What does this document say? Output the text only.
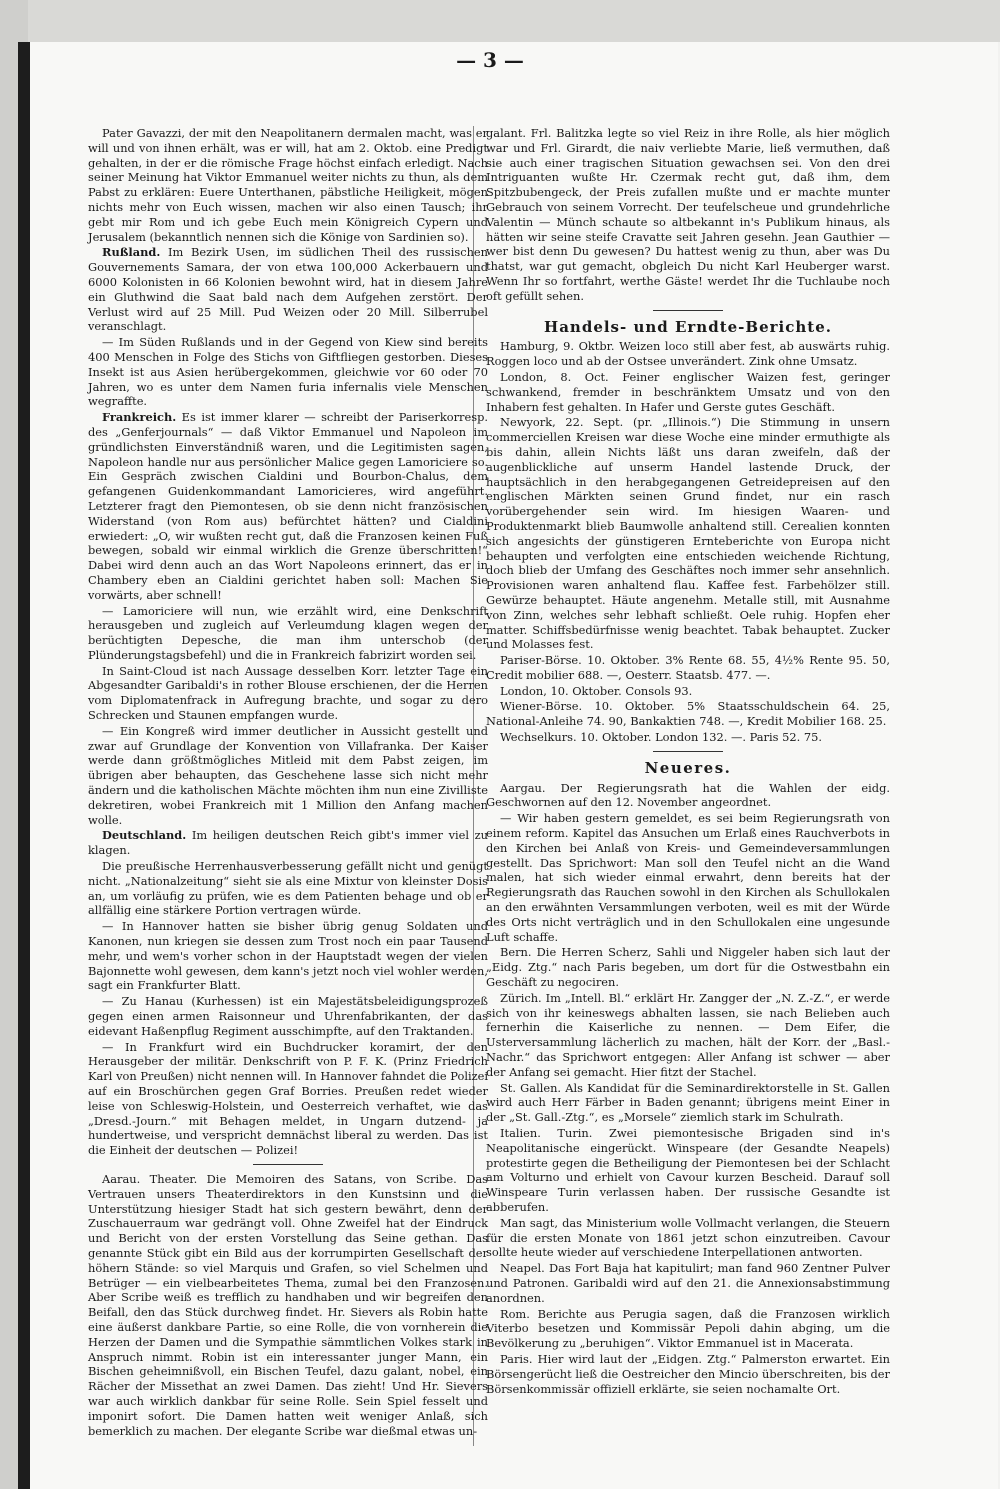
— 3 —

Pater Gavazzi, der mit den Neapolitanern dermalen macht, was er will und von ihnen erhält, was er will, hat am 2. Oktob. eine Predigt gehalten, in der er die römische Frage höchst einfach erledigt. Nach seiner Meinung hat Viktor Emmanuel weiter nichts zu thun, als dem Pabst zu erklären: Euere Unterthanen, päbstliche Heiligkeit, mögen nichts mehr von Euch wissen, machen wir also einen Tausch; ihr gebt mir Rom und ich gebe Euch mein Königreich Cypern und Jerusalem (bekanntlich nennen sich die Könige von Sardinien so).

Rußland. Im Bezirk Usen, im südlichen Theil des russischen Gouvernements Samara, der von etwa 100,000 Ackerbauern und 6000 Kolonisten in 66 Kolonien bewohnt wird, hat in diesem Jahre ein Gluthwind die Saat bald nach dem Aufgehen zerstört. Der Verlust wird auf 25 Mill. Pud Weizen oder 20 Mill. Silberrubel veranschlagt.

— Im Süden Rußlands und in der Gegend von Kiew sind bereits 400 Menschen in Folge des Stichs von Giftfliegen gestorben. Dieses Insekt ist aus Asien herübergekommen, gleichwie vor 60 oder 70 Jahren, wo es unter dem Namen furia infernalis viele Menschen wegraffte.

Frankreich. Es ist immer klarer — schreibt der Pariserkorresp. des „Genferjournals“ — daß Viktor Emmanuel und Napoleon im gründlichsten Einverständniß waren, und die Legitimisten sagen, Napoleon handle nur aus persönlicher Malice gegen Lamoriciere so. Ein Gespräch zwischen Cialdini und Bourbon-Chalus, dem gefangenen Guidenkommandant Lamoricieres, wird angeführt. Letzterer fragt den Piemontesen, ob sie denn nicht französischen Widerstand (von Rom aus) befürchtet hätten? und Cialdini erwiedert: „O, wir wußten recht gut, daß die Franzosen keinen Fuß bewegen, sobald wir einmal wirklich die Grenze überschritten!“ Dabei wird denn auch an das Wort Napoleons erinnert, das er in Chambery eben an Cialdini gerichtet haben soll: Machen Sie vorwärts, aber schnell!

— Lamoriciere will nun, wie erzählt wird, eine Denkschrift herausgeben und zugleich auf Verleumdung klagen wegen der berüchtigten Depesche, die man ihm unterschob (der Plünderungstagsbefehl) und die in Frankreich fabrizirt worden sei.

In Saint-Cloud ist nach Aussage desselben Korr. letzter Tage ein Abgesandter Garibaldi's in rother Blouse erschienen, der die Herren vom Diplomatenfrack in Aufregung brachte, und sogar zu dero Schrecken und Staunen empfangen wurde.

— Ein Kongreß wird immer deutlicher in Aussicht gestellt und zwar auf Grundlage der Konvention von Villafranka. Der Kaiser werde dann größtmögliches Mitleid mit dem Pabst zeigen, im übrigen aber behaupten, das Geschehene lasse sich nicht mehr ändern und die katholischen Mächte möchten ihm nun eine Zivilliste dekretiren, wobei Frankreich mit 1 Million den Anfang machen wolle.

Deutschland. Im heiligen deutschen Reich gibt's immer viel zu klagen.

Die preußische Herrenhausverbesserung gefällt nicht und genügt nicht. „Nationalzeitung“ sieht sie als eine Mixtur von kleinster Dosis an, um vorläufig zu prüfen, wie es dem Patienten behage und ob er allfällig eine stärkere Portion vertragen würde.

— In Hannover hatten sie bisher übrig genug Soldaten und Kanonen, nun kriegen sie dessen zum Trost noch ein paar Tausend mehr, und wem's vorher schon in der Hauptstadt wegen der vielen Bajonnette wohl gewesen, dem kann's jetzt noch viel wohler werden, sagt ein Frankfurter Blatt.

— Zu Hanau (Kurhessen) ist ein Majestätsbeleidigungsprozeß gegen einen armen Raisonneur und Uhrenfabrikanten, der das eidevant Haßenpflug Regiment ausschimpfte, auf den Traktanden.

— In Frankfurt wird ein Buchdrucker koramirt, der den Herausgeber der militär. Denkschrift von P. F. K. (Prinz Friedrich Karl von Preußen) nicht nennen will. In Hannover fahndet die Polizei auf ein Broschürchen gegen Graf Borries. Preußen redet wieder leise von Schleswig-Holstein, und Oesterreich verhaftet, wie das „Dresd.-Journ.“ mit Behagen meldet, in Ungarn dutzend- ja hundertweise, und verspricht demnächst liberal zu werden. Das ist die Einheit der deutschen — Polizei!

Aarau. Theater. Die Memoiren des Satans, von Scribe. Das Vertrauen unsers Theaterdirektors in den Kunstsinn und die Unterstützung hiesiger Stadt hat sich gestern bewährt, denn der Zuschauerraum war gedrängt voll. Ohne Zweifel hat der Eindruck und Bericht von der ersten Vorstellung das Seine gethan. Das genannte Stück gibt ein Bild aus der korrumpirten Gesellschaft der höhern Stände: so viel Marquis und Grafen, so viel Schelmen und Betrüger — ein vielbearbeitetes Thema, zumal bei den Franzosen. Aber Scribe weiß es trefflich zu handhaben und wir begreifen den Beifall, den das Stück durchweg findet. Hr. Sievers als Robin hatte eine äußerst dankbare Partie, so eine Rolle, die von vornherein die Herzen der Damen und die Sympathie sämmtlichen Volkes stark in Anspruch nimmt. Robin ist ein interessanter junger Mann, ein Bischen geheimnißvoll, ein Bischen Teufel, dazu galant, nobel, ein Rächer der Missethat an zwei Damen. Das zieht! Und Hr. Sievers war auch wirklich dankbar für seine Rolle. Sein Spiel fesselt und imponirt sofort. Die Damen hatten weit weniger Anlaß, sich bemerklich zu machen. Der elegante Scribe war dießmal etwas un-

galant. Frl. Balitzka legte so viel Reiz in ihre Rolle, als hier möglich war und Frl. Girardt, die naiv verliebte Marie, ließ vermuthen, daß sie auch einer tragischen Situation gewachsen sei. Von den drei Intriguanten wußte Hr. Czermak recht gut, daß ihm, dem Spitzbubengeck, der Preis zufallen mußte und er machte munter Gebrauch von seinem Vorrecht. Der teufelscheue und grundehrliche Valentin — Münch schaute so altbekannt in's Publikum hinaus, als hätten wir seine steife Cravatte seit Jahren gesehn. Jean Gauthier — wer bist denn Du gewesen? Du hattest wenig zu thun, aber was Du thatst, war gut gemacht, obgleich Du nicht Karl Heuberger warst. Wenn Ihr so fortfahrt, werthe Gäste! werdet Ihr die Tuchlaube noch oft gefüllt sehen.

Handels- und Erndte-Berichte.

Hamburg, 9. Oktbr. Weizen loco still aber fest, ab auswärts ruhig. Roggen loco und ab der Ostsee unverändert. Zink ohne Umsatz.

London, 8. Oct. Feiner englischer Waizen fest, geringer schwankend, fremder in beschränktem Umsatz und von den Inhabern fest gehalten. In Hafer und Gerste gutes Geschäft.

Newyork, 22. Sept. (pr. „Illinois.“) Die Stimmung in unsern commerciellen Kreisen war diese Woche eine minder ermuthigte als bis dahin, allein Nichts läßt uns daran zweifeln, daß der augenblickliche auf unserm Handel lastende Druck, der hauptsächlich in den herabgegangenen Getreidepreisen auf den englischen Märkten seinen Grund findet, nur ein rasch vorübergehender sein wird. Im hiesigen Waaren- und Produktenmarkt blieb Baumwolle anhaltend still. Cerealien konnten sich angesichts der günstigeren Ernteberichte von Europa nicht behaupten und verfolgten eine entschieden weichende Richtung, doch blieb der Umfang des Geschäftes noch immer sehr ansehnlich. Provisionen waren anhaltend flau. Kaffee fest. Farbehölzer still. Gewürze behauptet. Häute angenehm. Metalle still, mit Ausnahme von Zinn, welches sehr lebhaft schließt. Oele ruhig. Hopfen eher matter. Schiffsbedürfnisse wenig beachtet. Tabak behauptet. Zucker und Molasses fest.

Pariser-Börse. 10. Oktober. 3% Rente 68. 55, 4½% Rente 95. 50, Credit mobilier 688. —, Oesterr. Staatsb. 477. —.

London, 10. Oktober. Consols 93.

Wiener-Börse. 10. Oktober. 5% Staatsschuldschein 64. 25, National-Anleihe 74. 90, Bankaktien 748. —, Kredit Mobilier 168. 25.

Wechselkurs. 10. Oktober. London 132. —. Paris 52. 75.

Neueres.

Aargau. Der Regierungsrath hat die Wahlen der eidg. Geschwornen auf den 12. November angeordnet.

— Wir haben gestern gemeldet, es sei beim Regierungsrath von einem reform. Kapitel das Ansuchen um Erlaß eines Rauchverbots in den Kirchen bei Anlaß von Kreis- und Gemeindeversammlungen gestellt. Das Sprichwort: Man soll den Teufel nicht an die Wand malen, hat sich wieder einmal erwahrt, denn bereits hat der Regierungsrath das Rauchen sowohl in den Kirchen als Schullokalen an den erwähnten Versammlungen verboten, weil es mit der Würde des Orts nicht verträglich und in den Schullokalen eine ungesunde Luft schaffe.

Bern. Die Herren Scherz, Sahli und Niggeler haben sich laut der „Eidg. Ztg.“ nach Paris begeben, um dort für die Ostwestbahn ein Geschäft zu negociren.

Zürich. Im „Intell. Bl.“ erklärt Hr. Zangger der „N. Z.-Z.“, er werde sich von ihr keineswegs abhalten lassen, sie nach Belieben auch fernerhin die Kaiserliche zu nennen. — Dem Eifer, die Usterversammlung lächerlich zu machen, hält der Korr. der „Basl.-Nachr.“ das Sprichwort entgegen: Aller Anfang ist schwer — aber der Anfang sei gemacht. Hier fitzt der Stachel.

St. Gallen. Als Kandidat für die Seminardirektorstelle in St. Gallen wird auch Herr Färber in Baden genannt; übrigens meint Einer in der „St. Gall.-Ztg.“, es „Morsele“ ziemlich stark im Schulrath.

Italien. Turin. Zwei piemontesische Brigaden sind in's Neapolitanische eingerückt. Winspeare (der Gesandte Neapels) protestirte gegen die Betheiligung der Piemontesen bei der Schlacht am Volturno und erhielt von Cavour kurzen Bescheid. Darauf soll Winspeare Turin verlassen haben. Der russische Gesandte ist abberufen.

Man sagt, das Ministerium wolle Vollmacht verlangen, die Steuern für die ersten Monate von 1861 jetzt schon einzutreiben. Cavour sollte heute wieder auf verschiedene Interpellationen antworten.

Neapel. Das Fort Baja hat kapitulirt; man fand 960 Zentner Pulver und Patronen. Garibaldi wird auf den 21. die Annexionsabstimmung anordnen.

Rom. Berichte aus Perugia sagen, daß die Franzosen wirklich Viterbo besetzen und Kommissär Pepoli dahin abging, um die Bevölkerung zu „beruhigen“. Viktor Emmanuel ist in Macerata.

Paris. Hier wird laut der „Eidgen. Ztg.“ Palmerston erwartet. Ein Börsengerücht ließ die Oestreicher den Mincio überschreiten, bis der Börsenkommissär offiziell erklärte, sie seien nochamalte Ort.
